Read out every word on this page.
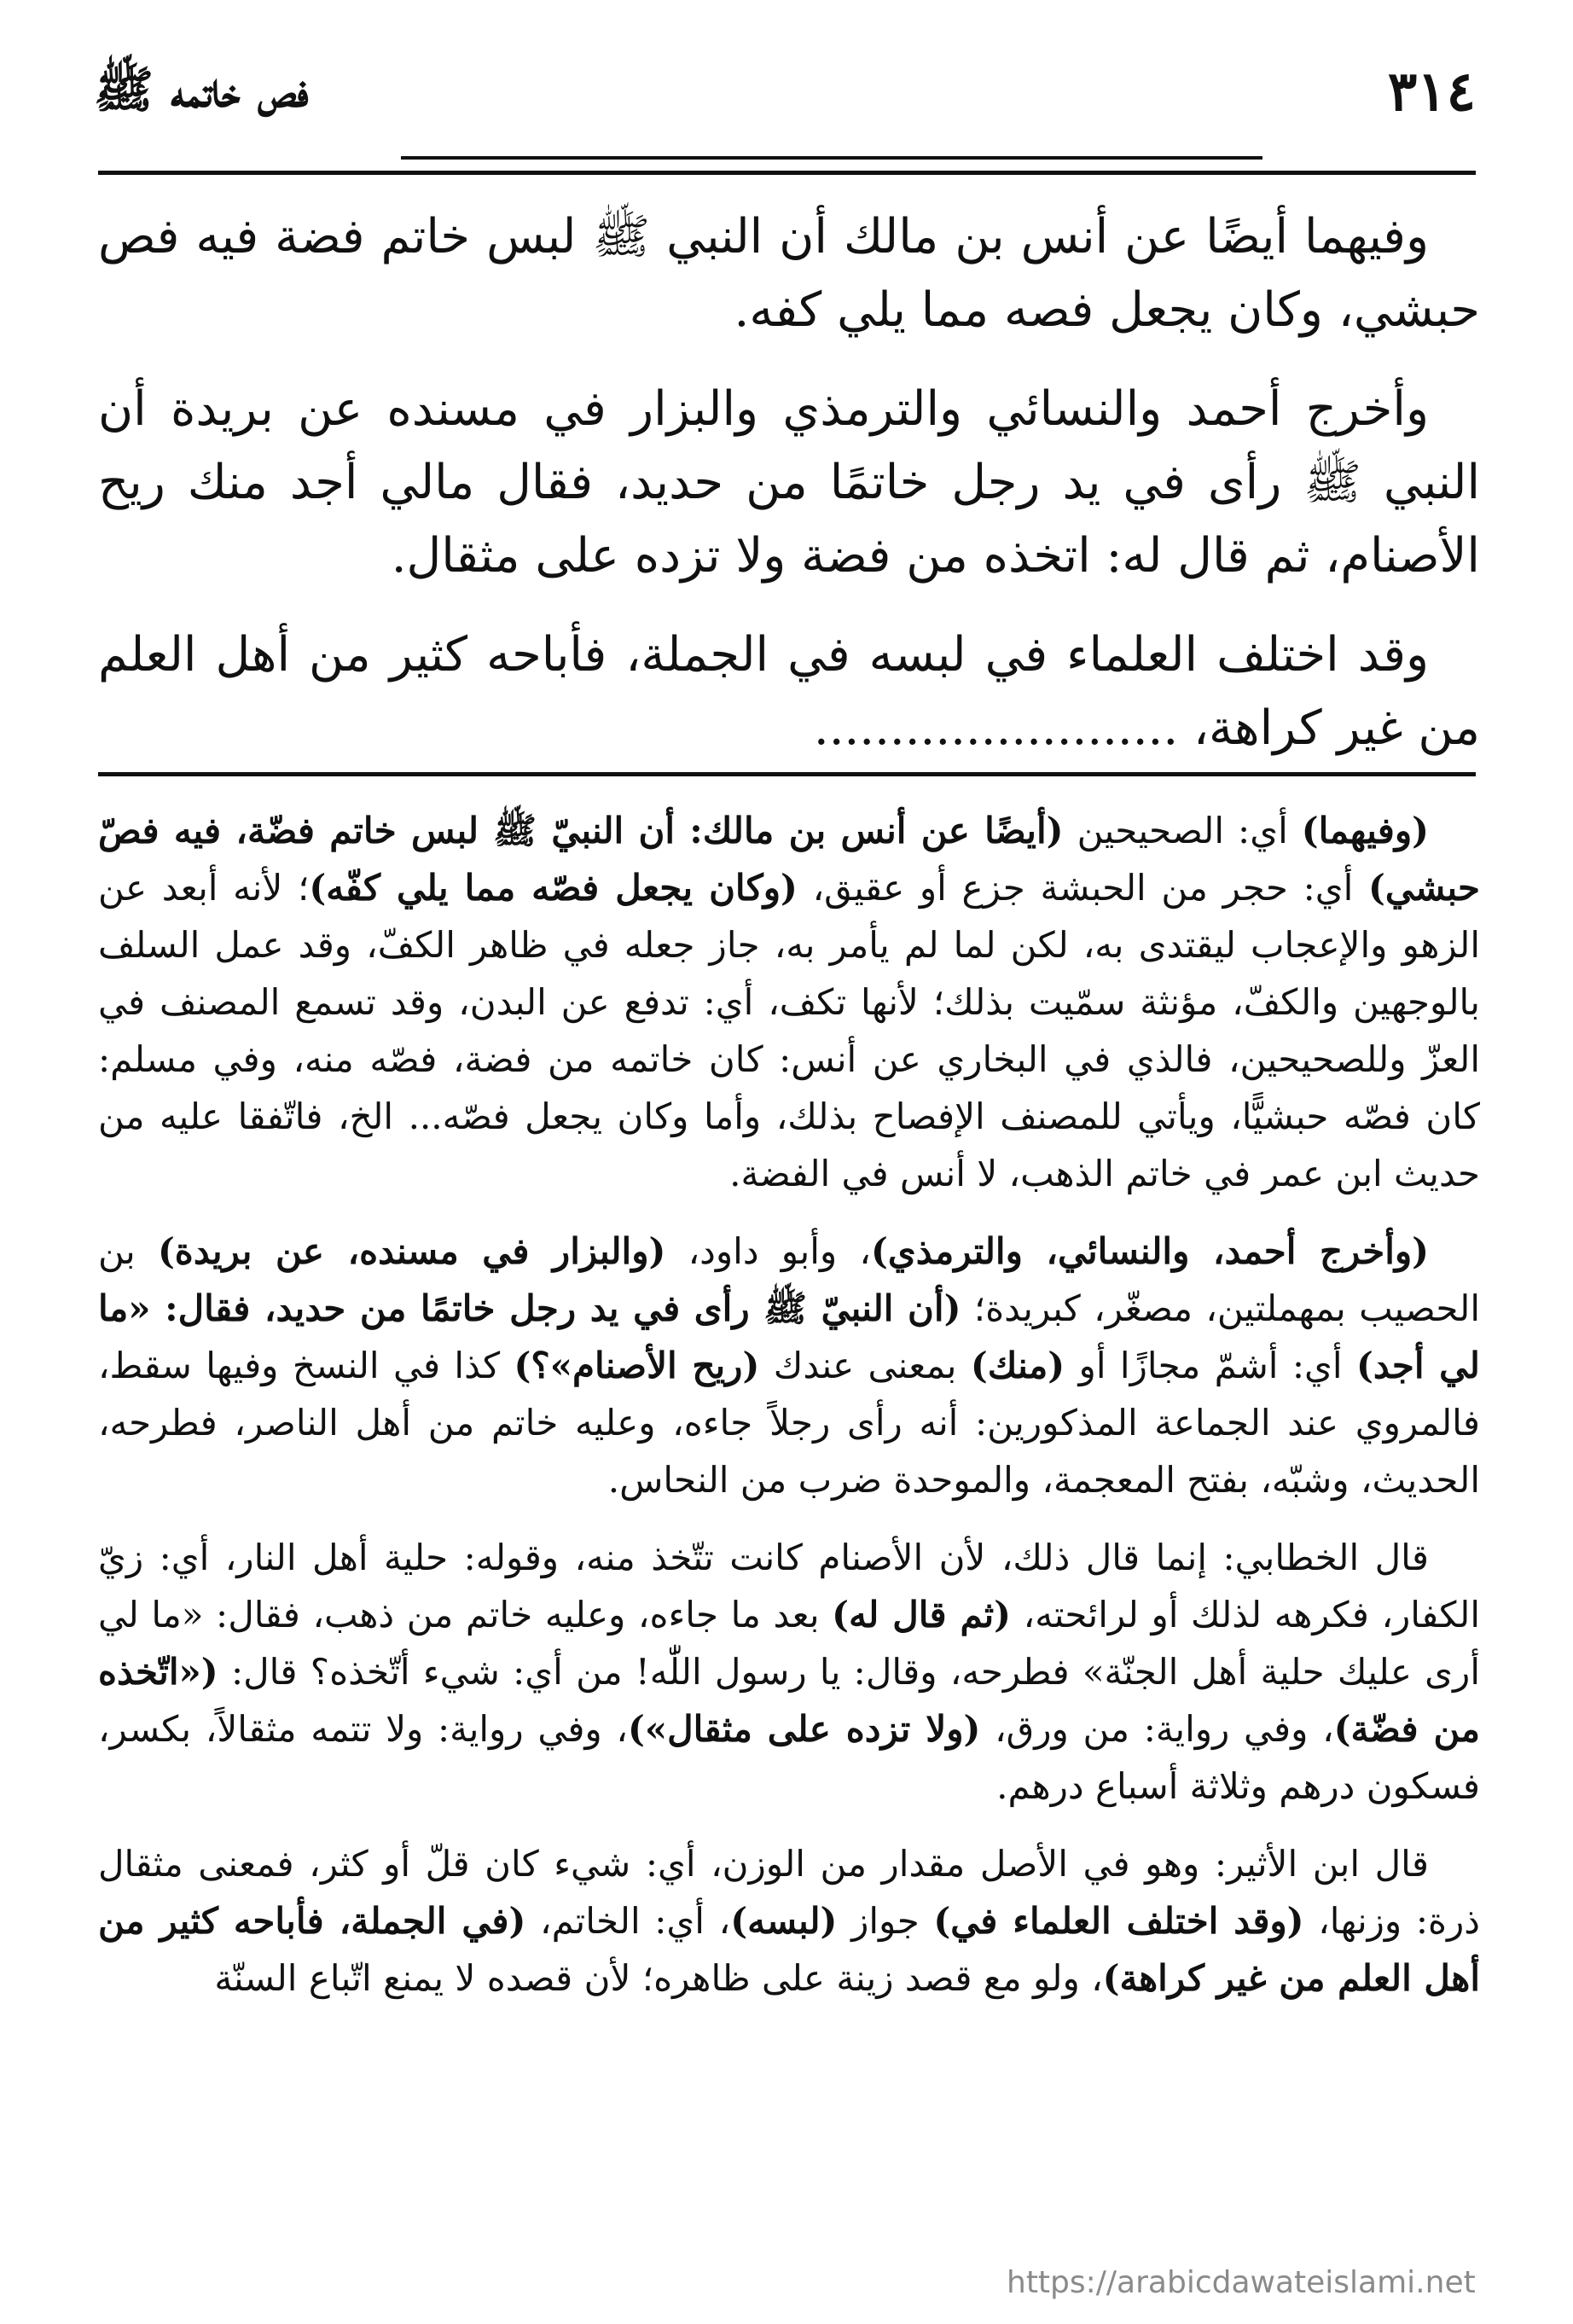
٣١٤
فص خاتمه ﷺ

وفيهما أيضًا عن أنس بن مالك أن النبي ﷺ لبس خاتم فضة فيه فص حبشي، وكان يجعل فصه مما يلي كفه.

وأخرج أحمد والنسائي والترمذي والبزار في مسنده عن بريدة أن النبي ﷺ رأى في يد رجل خاتمًا من حديد، فقال مالي أجد منك ريح الأصنام، ثم قال له: اتخذه من فضة ولا تزده على مثقال.

وقد اختلف العلماء في لبسه في الجملة، فأباحه كثير من أهل العلم من غير كراهة، ........................

(وفيهما) أي: الصحيحين (أيضًا عن أنس بن مالك: أن النبيّ ﷺ لبس خاتم فضّة، فيه فصّ حبشي) أي: حجر من الحبشة جزع أو عقيق، (وكان يجعل فصّه مما يلي كفّه)؛ لأنه أبعد عن الزهو والإعجاب ليقتدى به، لكن لما لم يأمر به، جاز جعله في ظاهر الكفّ، وقد عمل السلف بالوجهين والكفّ، مؤنثة سمّيت بذلك؛ لأنها تكف، أي: تدفع عن البدن، وقد تسمع المصنف في العزّ وللصحيحين، فالذي في البخاري عن أنس: كان خاتمه من فضة، فصّه منه، وفي مسلم: كان فصّه حبشيًّا، ويأتي للمصنف الإفصاح بذلك، وأما وكان يجعل فصّه... الخ، فاتّفقا عليه من حديث ابن عمر في خاتم الذهب، لا أنس في الفضة.

(وأخرج أحمد، والنسائي، والترمذي)، وأبو داود، (والبزار في مسنده، عن بريدة) بن الحصيب بمهملتين، مصغّر، كبريدة؛ (أن النبيّ ﷺ رأى في يد رجل خاتمًا من حديد، فقال: «ما لي أجد) أي: أشمّ مجازًا أو (منك) بمعنى عندك (ريح الأصنام»؟) كذا في النسخ وفيها سقط، فالمروي عند الجماعة المذكورين: أنه رأى رجلاً جاءه، وعليه خاتم من أهل الناصر، فطرحه، الحديث، وشبّه، بفتح المعجمة، والموحدة ضرب من النحاس.

قال الخطابي: إنما قال ذلك، لأن الأصنام كانت تتّخذ منه، وقوله: حلية أهل النار، أي: زيّ الكفار، فكرهه لذلك أو لرائحته، (ثم قال له) بعد ما جاءه، وعليه خاتم من ذهب، فقال: «ما لي أرى عليك حلية أهل الجنّة» فطرحه، وقال: يا رسول اللّٰه! من أي: شيء أتّخذه؟ قال: («اتّخذه من فضّة)، وفي رواية: من ورق، (ولا تزده على مثقال»)، وفي رواية: ولا تتمه مثقالاً، بكسر، فسكون درهم وثلاثة أسباع درهم.

قال ابن الأثير: وهو في الأصل مقدار من الوزن، أي: شيء كان قلّ أو كثر، فمعنى مثقال ذرة: وزنها، (وقد اختلف العلماء في) جواز (لبسه)، أي: الخاتم، (في الجملة، فأباحه كثير من أهل العلم من غير كراهة)، ولو مع قصد زينة على ظاهره؛ لأن قصده لا يمنع اتّباع السنّة

https://arabicdawateislami.net
